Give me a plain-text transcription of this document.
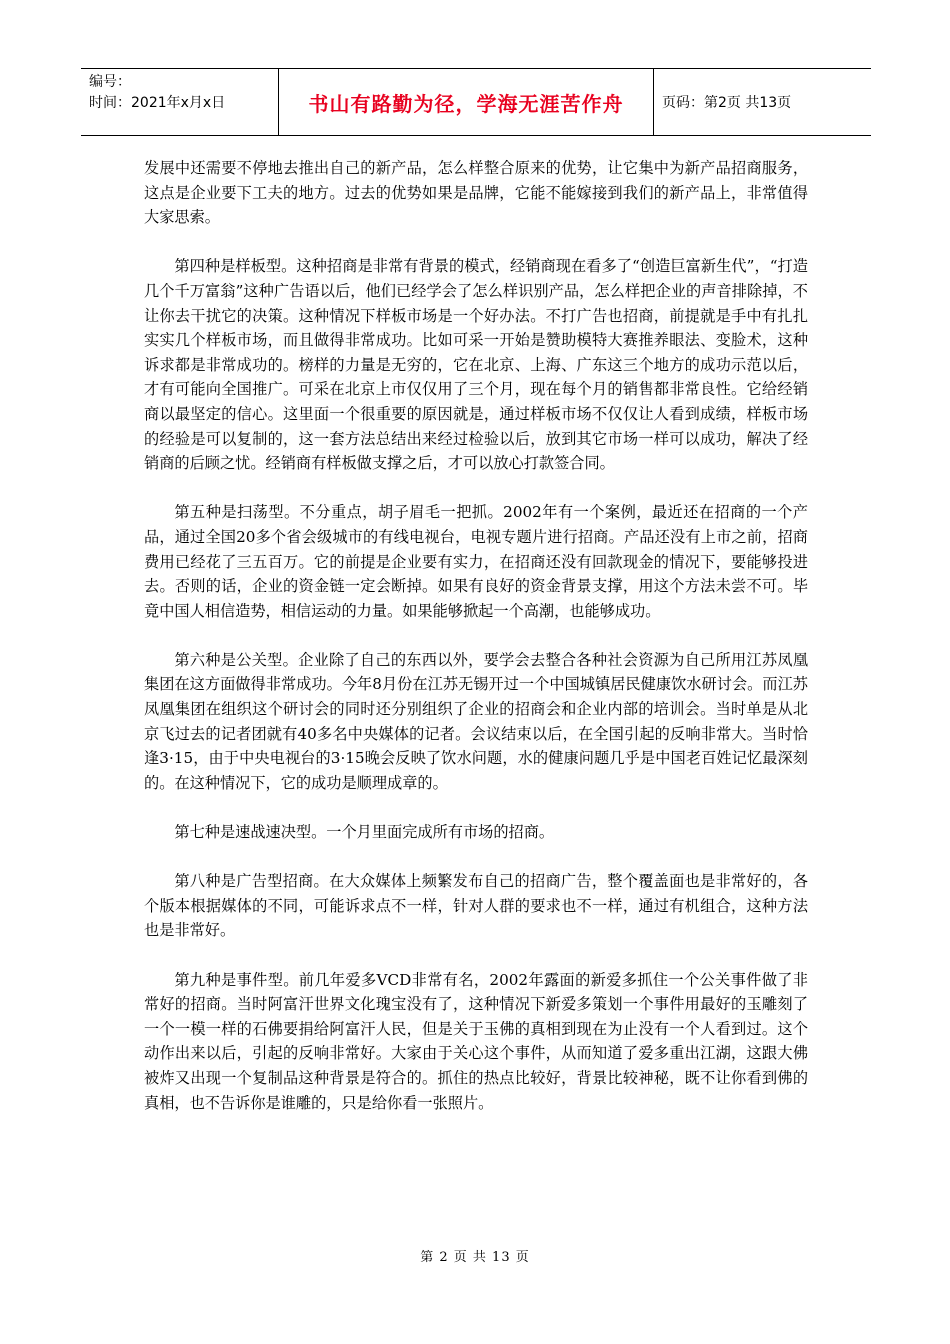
编号：
时间：2021年x月x日	书山有路勤为径，学海无涯苦作舟	页码：第2页 共13页

发展中还需要不停地去推出自己的新产品，怎么样整合原来的优势，让它集中为新产品招商服务，这点是企业要下工夫的地方。过去的优势如果是品牌，它能不能嫁接到我们的新产品上，非常值得大家思索。

第四种是样板型。这种招商是非常有背景的模式，经销商现在看多了“创造巨富新生代”，“打造几个千万富翁”这种广告语以后，他们已经学会了怎么样识别产品，怎么样把企业的声音排除掉，不让你去干扰它的决策。这种情况下样板市场是一个好办法。不打广告也招商，前提就是手中有扎扎实实几个样板市场，而且做得非常成功。比如可采一开始是赞助模特大赛推养眼法、变脸术，这种诉求都是非常成功的。榜样的力量是无穷的，它在北京、上海、广东这三个地方的成功示范以后，才有可能向全国推广。可采在北京上市仅仅用了三个月，现在每个月的销售都非常良性。它给经销商以最坚定的信心。这里面一个很重要的原因就是，通过样板市场不仅仅让人看到成绩，样板市场的经验是可以复制的，这一套方法总结出来经过检验以后，放到其它市场一样可以成功，解决了经销商的后顾之忧。经销商有样板做支撑之后，才可以放心打款签合同。

第五种是扫荡型。不分重点，胡子眉毛一把抓。2002年有一个案例，最近还在招商的一个产品，通过全国20多个省会级城市的有线电视台，电视专题片进行招商。产品还没有上市之前，招商费用已经花了三五百万。它的前提是企业要有实力，在招商还没有回款现金的情况下，要能够投进去。否则的话，企业的资金链一定会断掉。如果有良好的资金背景支撑，用这个方法未尝不可。毕竟中国人相信造势，相信运动的力量。如果能够掀起一个高潮，也能够成功。

第六种是公关型。企业除了自己的东西以外，要学会去整合各种社会资源为自己所用江苏凤凰集团在这方面做得非常成功。今年8月份在江苏无锡开过一个中国城镇居民健康饮水研讨会。而江苏凤凰集团在组织这个研讨会的同时还分别组织了企业的招商会和企业内部的培训会。当时单是从北京飞过去的记者团就有40多名中央媒体的记者。会议结束以后，在全国引起的反响非常大。当时恰逢3·15，由于中央电视台的3·15晚会反映了饮水问题，水的健康问题几乎是中国老百姓记忆最深刻的。在这种情况下，它的成功是顺理成章的。

第七种是速战速决型。一个月里面完成所有市场的招商。

第八种是广告型招商。在大众媒体上频繁发布自己的招商广告，整个覆盖面也是非常好的，各个版本根据媒体的不同，可能诉求点不一样，针对人群的要求也不一样，通过有机组合，这种方法也是非常好。

第九种是事件型。前几年爱多VCD非常有名，2002年露面的新爱多抓住一个公关事件做了非常好的招商。当时阿富汗世界文化瑰宝没有了，这种情况下新爱多策划一个事件用最好的玉雕刻了一个一模一样的石佛要捐给阿富汗人民，但是关于玉佛的真相到现在为止没有一个人看到过。这个动作出来以后，引起的反响非常好。大家由于关心这个事件，从而知道了爱多重出江湖，这跟大佛被炸又出现一个复制品这种背景是符合的。抓住的热点比较好，背景比较神秘，既不让你看到佛的真相，也不告诉你是谁雕的，只是给你看一张照片。

第 2 页 共 13 页
